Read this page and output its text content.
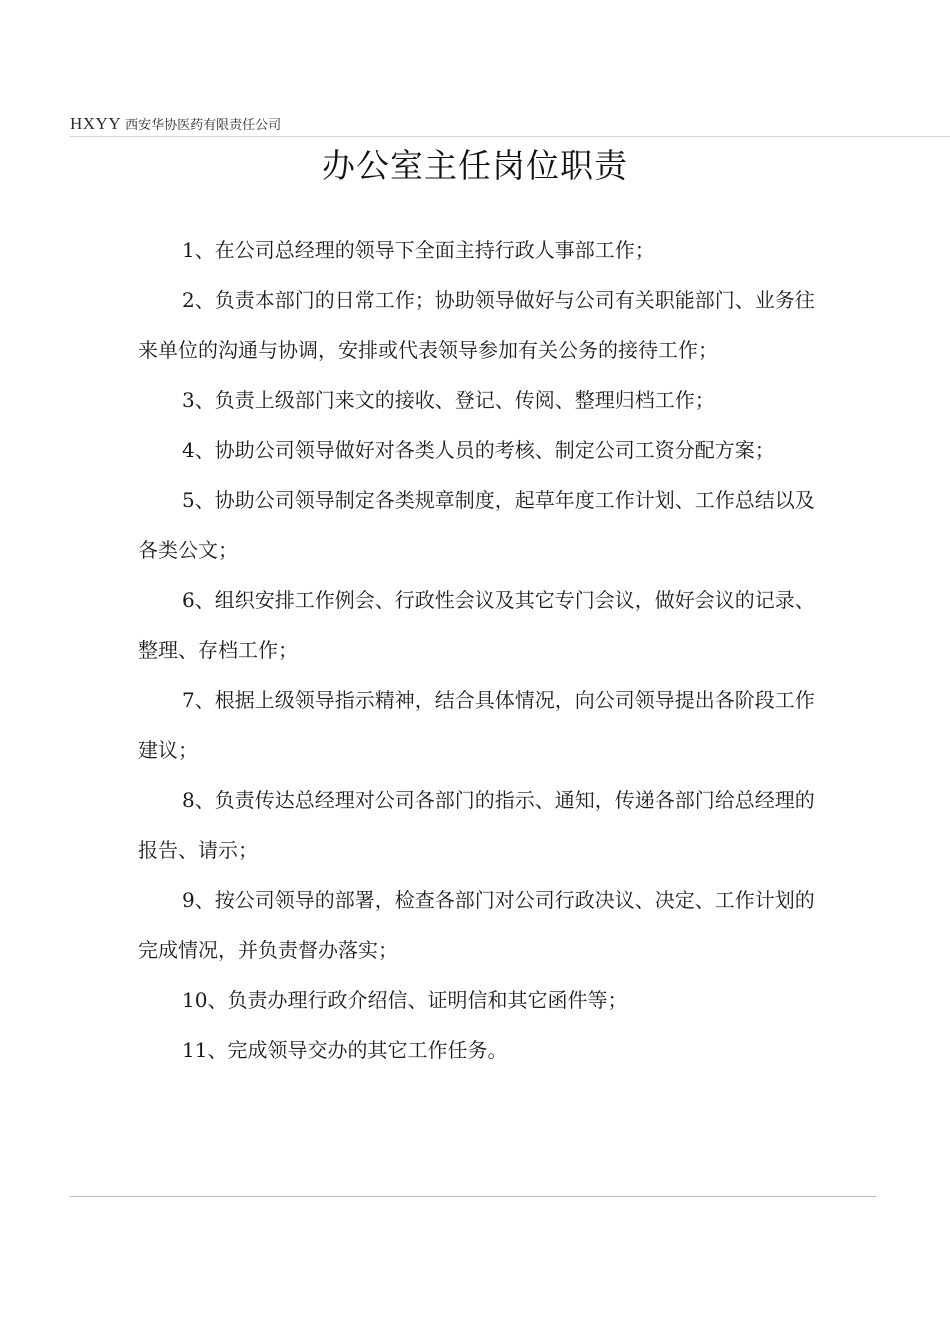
HXYY 西安华协医药有限责任公司
办公室主任岗位职责

1、在公司总经理的领导下全面主持行政人事部工作；

2、负责本部门的日常工作；协助领导做好与公司有关职能部门、业务往来单位的沟通与协调，安排或代表领导参加有关公务的接待工作；

3、负责上级部门来文的接收、登记、传阅、整理归档工作；

4、协助公司领导做好对各类人员的考核、制定公司工资分配方案；

5、协助公司领导制定各类规章制度，起草年度工作计划、工作总结以及各类公文；

6、组织安排工作例会、行政性会议及其它专门会议，做好会议的记录、整理、存档工作；

7、根据上级领导指示精神，结合具体情况，向公司领导提出各阶段工作建议；

8、负责传达总经理对公司各部门的指示、通知，传递各部门给总经理的报告、请示；

9、按公司领导的部署，检查各部门对公司行政决议、决定、工作计划的完成情况，并负责督办落实；

10、负责办理行政介绍信、证明信和其它函件等；

11、完成领导交办的其它工作任务。
